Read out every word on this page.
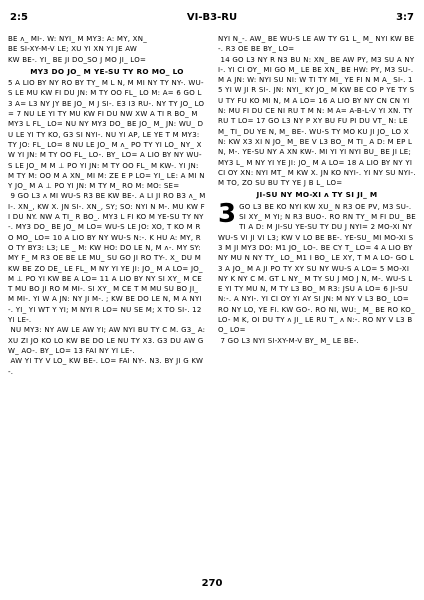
2:5	VI-B3-RU	3:7

BE ʌ_ MI-. W: NYI_ M MY3: A: MY, XN_
BE SI-XY-M-V LE; XU YI XN YI JE AW
KW BE-. YI_ BE JI DO_SO J MO JI_ LO=

MY3 DO JO_ M YE-SU TY RO MO_ LO

5 A LIO BY NY RO BY TY_ M L N, M MI NY TY NY-. WU-S LE MU KW FI DU JN: M TY OO FL_ LO M: A= 6 GO L3 A= L3 NY JY BE JO_ M J SI-. E3 I3 RU-. NY TY JO_ LO= 7 NU LE YI TY MU KW FI DU NW XW A TI R BO_ M MY3 L FL_ LO= NU NY MY3 DO_ BE JO_ M_ JN: WU_ DU LE YI TY KO, G3 SI NYI-. NU YI AP, LE YE T M MY3: TY JO: FL_ LO= 8 NU LE JO_ M ʌ_ PO TY YI LO_ NY_ XW YI JN: M TY OO FL_ LO-. BY_ LO= A LIO BY NY WU-S LE JO_ M M ⊥ PO YI JN: M TY OO FL_ M KW-. YI JN: M TY M: OO M A XN_ MI M: ZE E P LO= YI_ LE: A MI NY JO_ M A ⊥ PO YI JN: M TY M_ RO M: MO: SE=
9 GO L3 ʌ MI WU-S R3 BE KW BE-. A LI JI RO B3 ʌ_ MI-. XN_, KW X. JN SI-. XN_, SY; SO: NYI N M-. MU KW FI DU NY. NW A TI_ R BO_. MY3 L FI KO M YE-SU TY NY-. MY3 DO_ BE JO_ M LO= WU-S LE JO: XO, T KO M RO MO_ LO= 10 A LIO BY NY WU-S N:-. K HU A: MY, RO TY BY3: L3; LE _ M: KW HO: DO LE N, M ʌ-. MY SY: MY F_ M R3 OE BE LE MU_ SU GO JI RO TY-. X_ DU M KW BE ZO DE_ LE FL_ M NY YI YE JI: JO_ M A LO= JO_ M ⊥ PO YI KW BE A LO= 11 A LIO BY NY SI XY_ M CE T MU BO JI RO M MI-. SI XY_ M CE T M MU SU BO JI_ M MI-. YI W A JN: NY JI M-. ; KW BE DO LE N, M A NYI-. YI_ YI WT Y YI; M NYI R LO= NU SE M; X TO SI-. 12 YI LE-.
NU MY3: NY AW LE AW YI; AW NYI BU TY C M. G3_ A: XU ZI JO KO LO KW BE DO LE NU TY X3. G3 DU AW GW_ AO-. BY_ LO= 13 FAI NY YI LE-.
AW YI TY V LO_ KW BE-. LO= FAI NY-. N3. BY JI G KW-.

NYI N_-. AW_ BE WU-S LE AW TY G1 L_ M_ NYI KW BE-. R3 OE BE BY_ LO=

14 GO L3 NY R N3 BU N: XN_ BE AW PY, M3 SU A NYI-. YI CI OY_ MI GO M_ LE BE XN_ BE HW: PY, M3 SU-. M A JN: W: NYI SU NI: W TI TY MI_ YE FI N M A_ SI-. 15 YI W JI R SI-. JN: NYI_ KY JO_ M KW BE CO P YE TY SU TY FU KO MI N, M A LO= 16 A LIO BY NY CN CN YI N: MU FI DU CE NI RU T M N: M A= A-B-L-V YI XN. TY RU T LO= 17 GO L3 NY P XY BU FU PI DU VT_ N: LE M_ TI_ DU YE N, M_ BE-. WU-S TY MO KU JI JO_ LO XN: KW X3 XI N JO_ M_ BE V L3 BO_ M TI_ A D: M EP L N, M-. YE-SU NY A XN KW-. MI YI YI NYI BU_ BE JI LE; MY3 L_ M NY YI YE JI: JO_ M A LO= 18 A LIO BY NY YI CI OY XN: NYI MT_ M KW X. JN KO NYI-. YI NY SU NYI-. M TO, ZO SU BU TY YE J B L_ LO=

JI-SU NY MO-XI ʌ TY SI JI_ M
3 GO L3 BE KO NYI KW XU_ N R3 OE PV, M3 SU-. SI XY_ M YI; N R3 BUO-. RO RN TY_ M FI DU_ BE TI A D: M JI-SU YE-SU TY DU J NYI= 2 MO-XI NY WU-S VI JI VI L3; KW V LO BE BE-. YE-SU_ MI MO-XI S3 M JI MY3 DO: M1 JO_ LO-. BE CY T_ LO= 4 A LIO BY NY MU N NY TY_ LO_ M1 I BO_ LE XY, T M A LO- GO L3 A JO_ M A JI PO TY XY SU NY WU-S A LO= 5 MO-XI NY K NY C M. GT L NY_ M TY SU J MO J N, M-. WU-S LE YI TY MU N, M TY L3 BO_ M R3: JSU A LO= 6 JI-SU N:-. A NYI-. YI CI OY YI AY SI JN: M NY V L3 BO_ LO= RO NY LO, YE FI. KW GO-. RO NI, WU:_ M_ BE RO KO_ LO- M K, OI DU TY ʌ JI_ LE RU T_ ʌ N:-. RO NY V L3 BO_ LO=

7 GO L3 NYI SI-XY-M-V BY_ M_ LE BE-.

270
